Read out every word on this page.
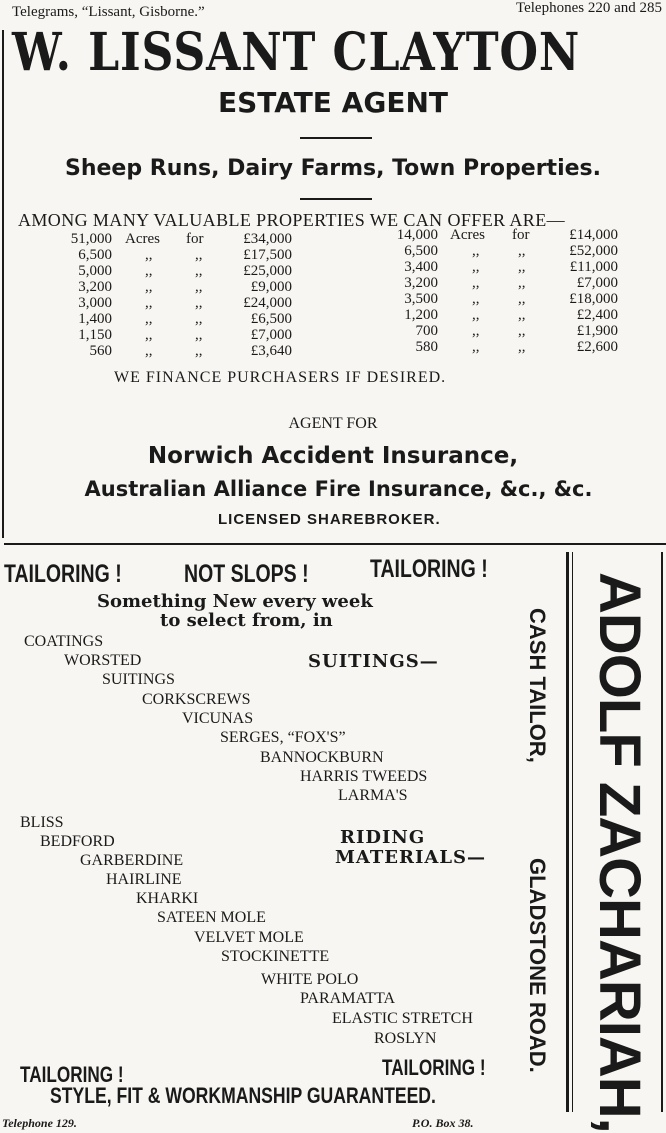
Telegrams, “Lissant, Gisborne.”	Telephones 220 and 285
W. LISSANT CLAYTON
ESTATE AGENT
Sheep Runs, Dairy Farms, Town Properties.
AMONG MANY VALUABLE PROPERTIES WE CAN OFFER ARE—
51,000 Acres for	£34,000
6,500 ,,	,,	£17,500
5,000 ,,	,,	£25,000
3,200 ,,	,,	£9,000
3,000 ,,	,,	£24,000
1,400 ,,	,,	£6,500
1,150 ,,	,,	£7,000
560 ,,	,,	£3,640
14,000 Acres for	£14,000
6,500 ,,	,,	£52,000
3,400 ,,	,,	£11,000
3,200 ,,	,,	£7,000
3,500 ,,	,,	£18,000
1,200 ,,	,,	£2,400
700 ,,	,,	£1,900
580 ,,	,,	£2,600
WE FINANCE PURCHASERS IF DESIRED.
AGENT FOR
Norwich Accident Insurance,
Australian Alliance Fire Insurance, &c., &c.
LICENSED SHAREBROKER.
TAILORING ! NOT SLOPS ! TAILORING !
Something New every week
to select from, in
SUITINGS—
COATINGS
WORSTED
SUITINGS
CORKSCREWS
VICUNAS
SERGES, “FOX'S”
BANNOCKBURN
HARRIS TWEEDS
LARMA'S
RIDING
MATERIALS—
BLISS
BEDFORD
GARBERDINE
HAIRLINE
KHARKI
SATEEN MOLE
VELVET MOLE
STOCKINETTE
WHITE POLO
PARAMATTA
ELASTIC STRETCH
ROSLYN
TAILORING !	TAILORING !
STYLE, FIT & WORKMANSHIP GUARANTEED.
Telephone 129.	P.O. Box 38.
CASH TAILOR,
GLADSTONE ROAD. ADOLF ZACHARIAH,
